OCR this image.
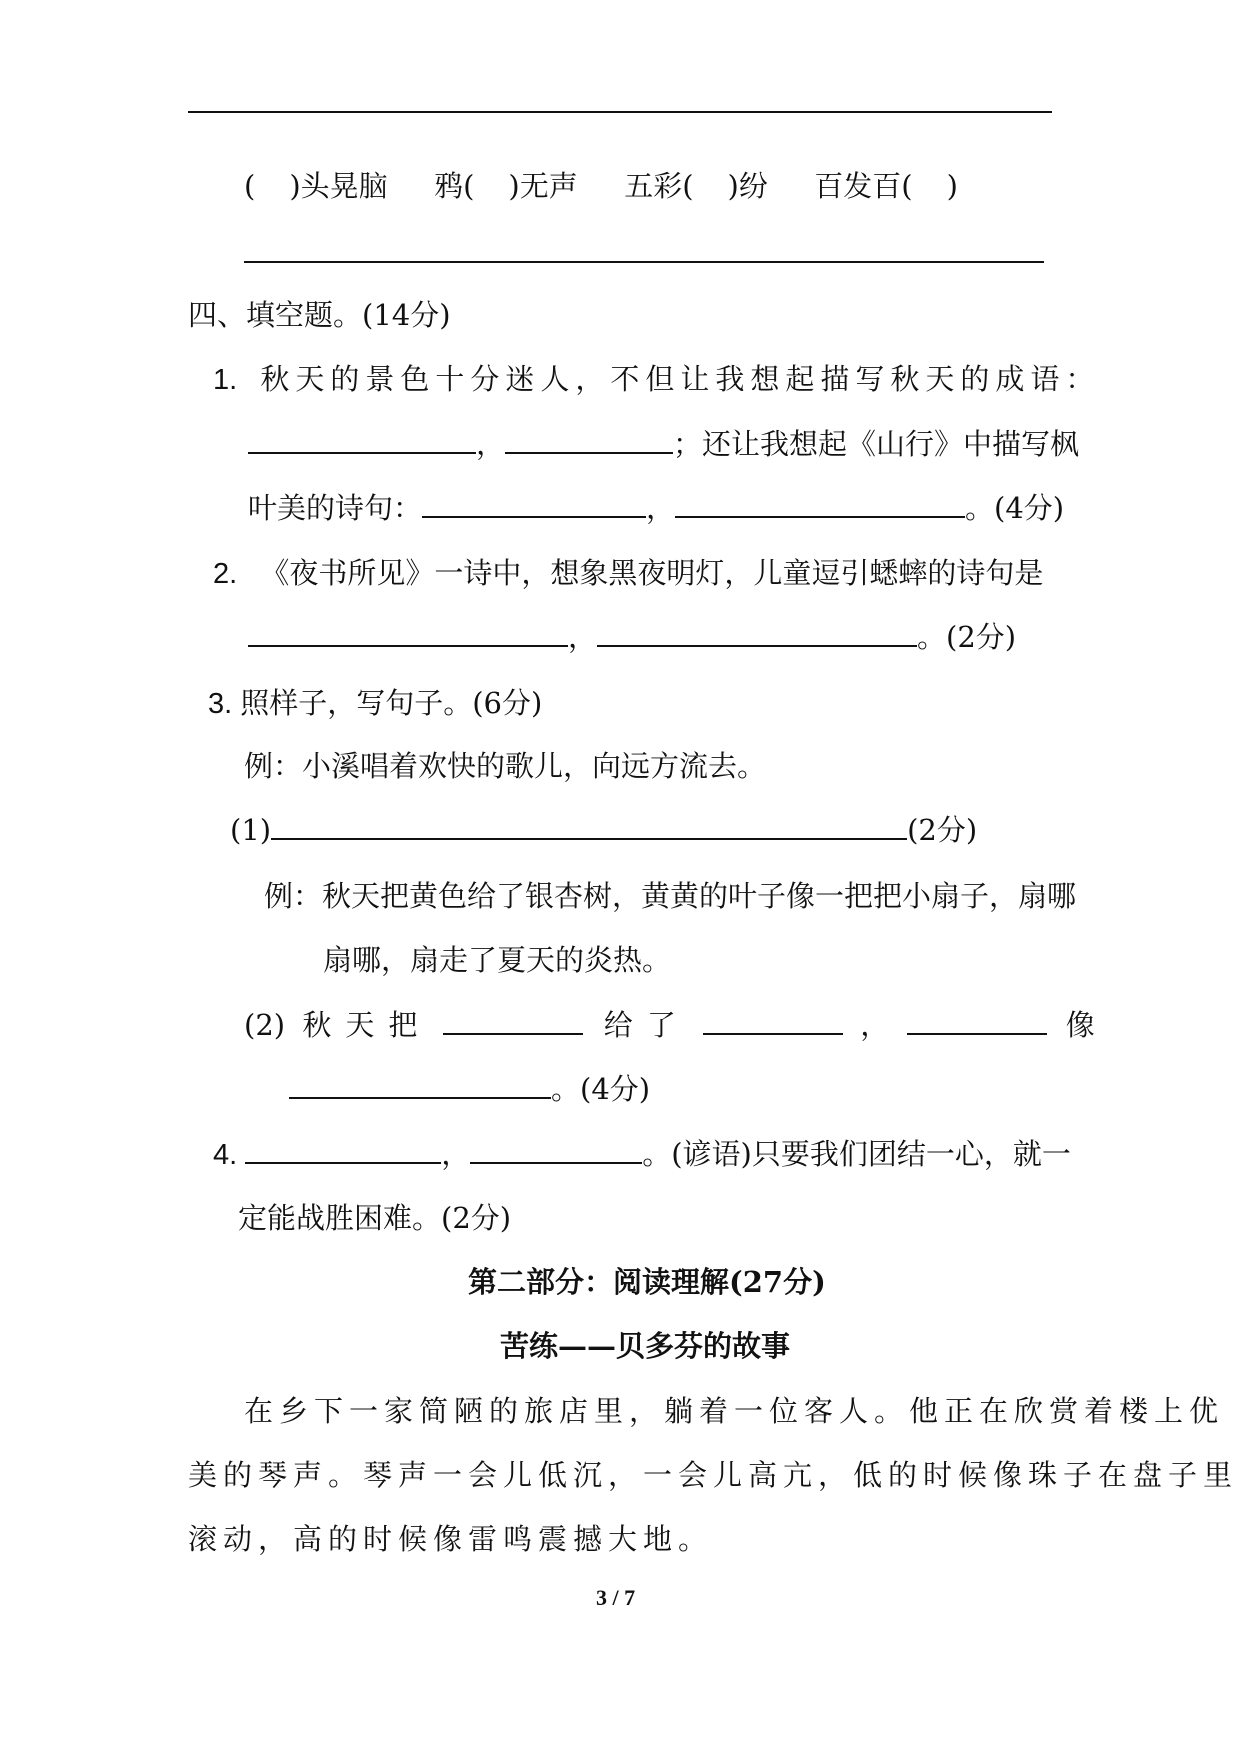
( )头晃脑 鸦( )无声 五彩( )纷 百发百( )
四、填空题。(14分)
1. 秋天的景色十分迷人，不但让我想起描写秋天的成语：
，	；还让我想起《山行》中描写枫
叶美的诗句：	，	。(4分)
2. 《夜书所见》一诗中，想象黑夜明灯，儿童逗引蟋蟀的诗句是
，	。(2分)
3. 照样子，写句子。(6分)
例：小溪唱着欢快的歌儿，向远方流去。
(1)	(2分)
例：秋天把黄色给了银杏树，黄黄的叶子像一把把小扇子，扇哪
扇哪，扇走了夏天的炎热。
(2) 秋 天 把	给 了	，	像
。(4分)
4.	，	。(谚语)只要我们团结一心，就一
定能战胜困难。(2分)
第二部分：阅读理解(27分)
苦练——贝多芬的故事
在乡下一家简陋的旅店里，躺着一位客人。他正在欣赏着楼上优
美的琴声。琴声一会儿低沉，一会儿高亢，低的时候像珠子在盘子里
滚动，高的时候像雷鸣震撼大地。
3 / 7
